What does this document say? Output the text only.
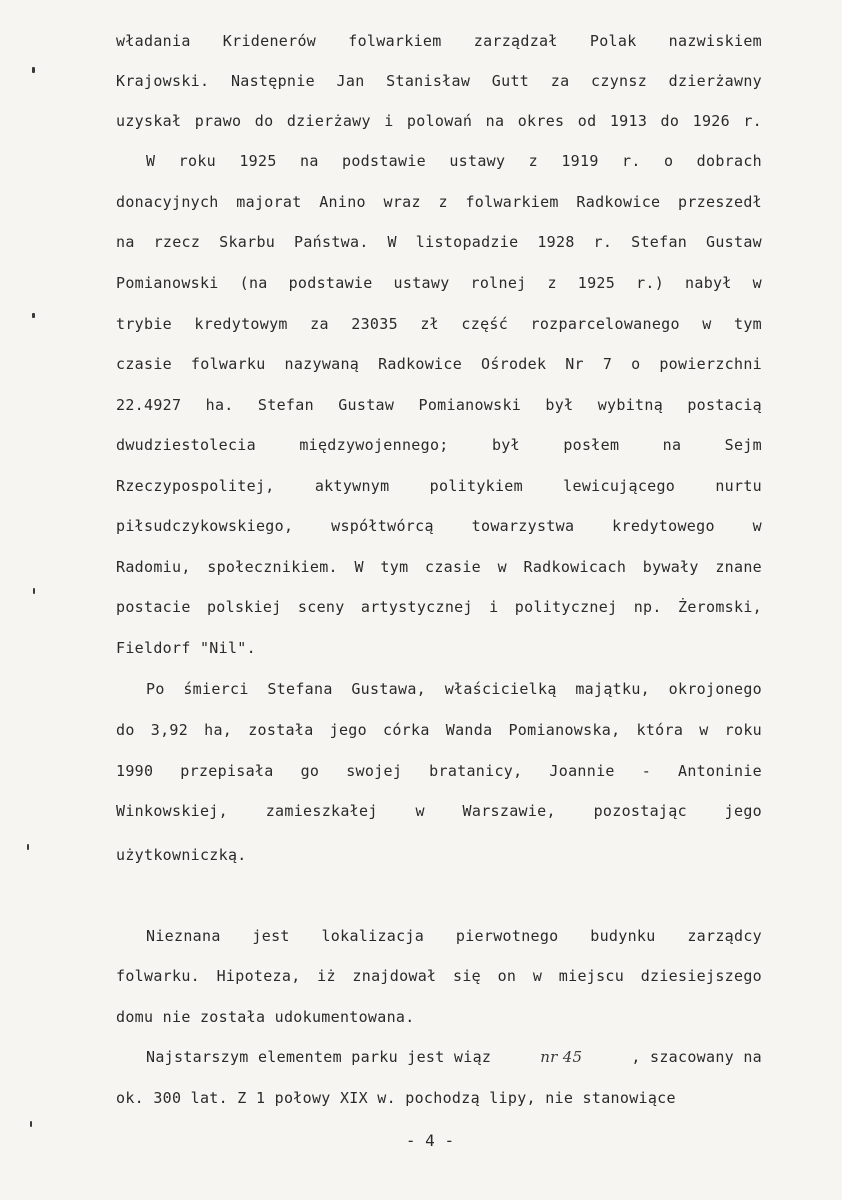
władania Kridenerów folwarkiem zarządzał Polak nazwiskiem
Krajowski. Następnie Jan Stanisław Gutt za czynsz dzierżawny
uzyskał prawo do dzierżawy i polowań na okres od 1913 do 1926 r.
W roku 1925 na podstawie ustawy z 1919 r. o dobrach
donacyjnych majorat Anino wraz z folwarkiem Radkowice przeszedł
na rzecz Skarbu Państwa. W listopadzie 1928 r. Stefan Gustaw
Pomianowski (na podstawie ustawy rolnej z 1925 r.) nabył w
trybie kredytowym za 23035 zł część rozparcelowanego w tym
czasie folwarku nazywaną Radkowice Ośrodek Nr 7 o powierzchni
22.4927 ha. Stefan Gustaw Pomianowski był wybitną postacią
dwudziestolecia międzywojennego; był posłem na Sejm
Rzeczypospolitej, aktywnym politykiem lewicującego nurtu
piłsudczykowskiego, współtwórcą towarzystwa kredytowego w
Radomiu, społecznikiem. W tym czasie w Radkowicach bywały znane
postacie polskiej sceny artystycznej i politycznej np. Żeromski,
Fieldorf "Nil".
Po śmierci Stefana Gustawa, właścicielką majątku, okrojonego
do 3,92 ha, została jego córka Wanda Pomianowska, która w roku
1990 przepisała go swojej bratanicy, Joannie - Antoninie
Winkowskiej, zamieszkałej w Warszawie, pozostając jego
użytkowniczką.
Nieznana jest lokalizacja pierwotnego budynku zarządcy
folwarku. Hipoteza, iż znajdował się on w miejscu dziesiejszego
domu nie została udokumentowana.
Najstarszym elementem parku jest wiąz	nr 45	, szacowany na
ok. 300 lat. Z 1 połowy XIX w. pochodzą lipy, nie stanowiące
- 4 -
